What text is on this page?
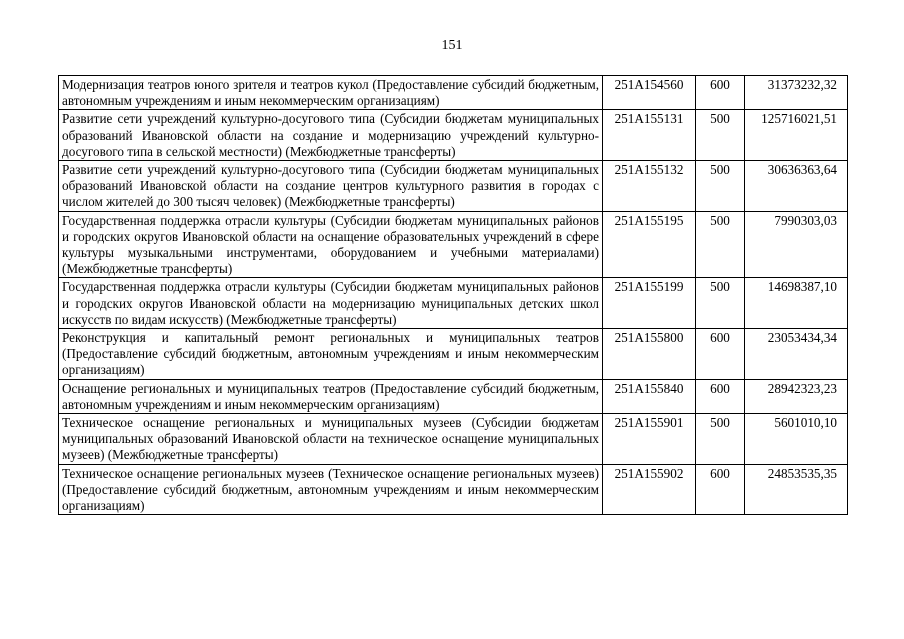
151
Модернизация театров юного зрителя и театров кукол (Предоставление субсидий бюджетным, автономным учреждениям и иным некоммерческим организациям)	251А154560	600	31373232,32
Развитие сети учреждений культурно-досугового типа (Субсидии бюджетам муниципальных образований Ивановской области на создание и модернизацию учреждений культурно-досугового типа в сельской местности) (Межбюджетные трансферты)	251А155131	500	125716021,51
Развитие сети учреждений культурно-досугового типа (Субсидии бюджетам муниципальных образований Ивановской области на создание центров культурного развития в городах с числом жителей до 300 тысяч человек) (Межбюджетные трансферты)	251А155132	500	30636363,64
Государственная поддержка отрасли культуры (Субсидии бюджетам муниципальных районов и городских округов Ивановской области на оснащение образовательных учреждений в сфере культуры музыкальными инструментами, оборудованием и учебными материалами) (Межбюджетные трансферты)	251А155195	500	7990303,03
Государственная поддержка отрасли культуры (Субсидии бюджетам муниципальных районов и городских округов Ивановской области на модернизацию муниципальных детских школ искусств по видам искусств) (Межбюджетные трансферты)	251А155199	500	14698387,10
Реконструкция и капитальный ремонт региональных и муниципальных театров (Предоставление субсидий бюджетным, автономным учреждениям и иным некоммерческим организациям)	251А155800	600	23053434,34
Оснащение региональных и муниципальных театров (Предоставление субсидий бюджетным, автономным учреждениям и иным некоммерческим организациям)	251А155840	600	28942323,23
Техническое оснащение региональных и муниципальных музеев (Субсидии бюджетам муниципальных образований Ивановской области на техническое оснащение муниципальных музеев) (Межбюджетные трансферты)	251А155901	500	5601010,10
Техническое оснащение региональных музеев (Техническое оснащение региональных музеев) (Предоставление субсидий бюджетным, автономным учреждениям и иным некоммерческим организациям)	251А155902	600	24853535,35
